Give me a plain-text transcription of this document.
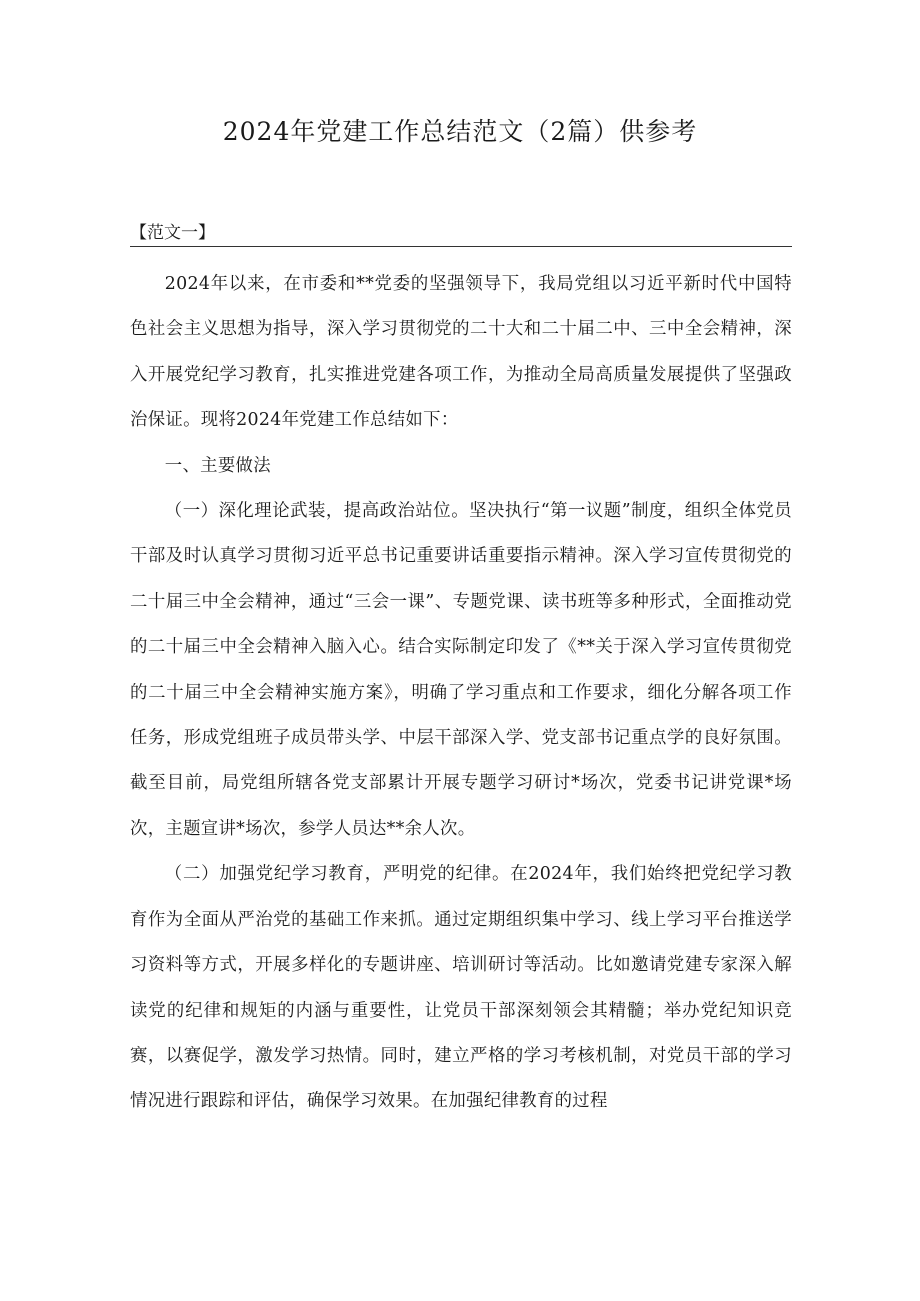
2024年党建工作总结范文（2篇）供参考
【范文一】

2024年以来，在市委和**党委的坚强领导下，我局党组以习近平新时代中国特色社会主义思想为指导，深入学习贯彻党的二十大和二十届二中、三中全会精神，深入开展党纪学习教育，扎实推进党建各项工作，为推动全局高质量发展提供了坚强政治保证。现将2024年党建工作总结如下：

一、主要做法

（一）深化理论武装，提高政治站位。坚决执行“第一议题”制度，组织全体党员干部及时认真学习贯彻习近平总书记重要讲话重要指示精神。深入学习宣传贯彻党的二十届三中全会精神，通过“三会一课”、专题党课、读书班等多种形式，全面推动党的二十届三中全会精神入脑入心。结合实际制定印发了《**关于深入学习宣传贯彻党的二十届三中全会精神实施方案》，明确了学习重点和工作要求，细化分解各项工作任务，形成党组班子成员带头学、中层干部深入学、党支部书记重点学的良好氛围。截至目前，局党组所辖各党支部累计开展专题学习研讨*场次，党委书记讲党课*场次，主题宣讲*场次，参学人员达**余人次。

（二）加强党纪学习教育，严明党的纪律。在2024年，我们始终把党纪学习教育作为全面从严治党的基础工作来抓。通过定期组织集中学习、线上学习平台推送学习资料等方式，开展多样化的专题讲座、培训研讨等活动。比如邀请党建专家深入解读党的纪律和规矩的内涵与重要性，让党员干部深刻领会其精髓；举办党纪知识竞赛，以赛促学，激发学习热情。同时，建立严格的学习考核机制，对党员干部的学习情况进行跟踪和评估，确保学习效果。在加强纪律教育的过程
